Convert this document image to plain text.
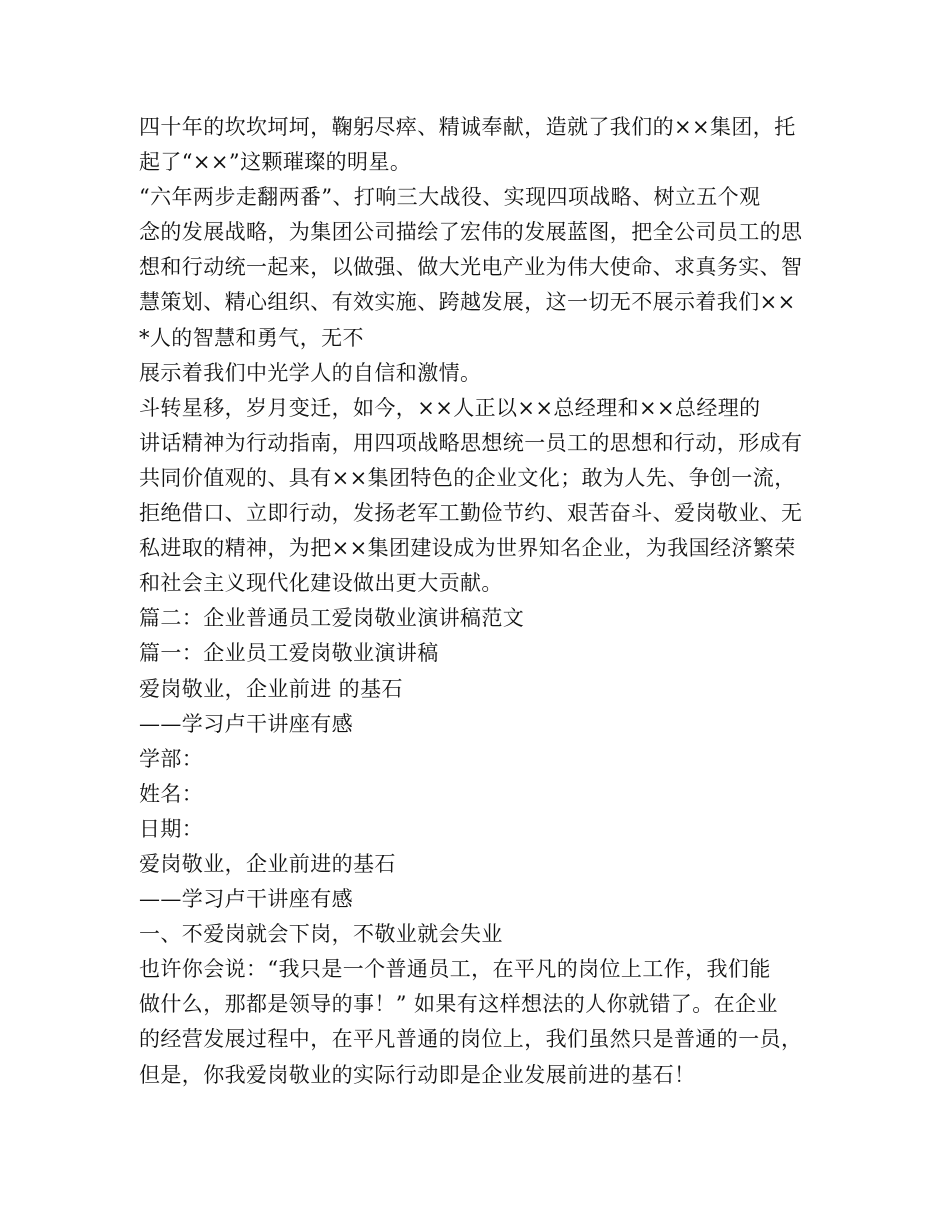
四十年的坎坎坷坷，鞠躬尽瘁、精诚奉献，造就了我们的××集团，托
起了“××”这颗璀璨的明星。
“六年两步走翻两番”、打响三大战役、实现四项战略、树立五个观
念的发展战略，为集团公司描绘了宏伟的发展蓝图，把全公司员工的思
想和行动统一起来，以做强、做大光电产业为伟大使命、求真务实、智
慧策划、精心组织、有效实施、跨越发展，这一切无不展示着我们××
*人的智慧和勇气，无不
展示着我们中光学人的自信和激情。
斗转星移，岁月变迁，如今，××人正以××总经理和××总经理的
讲话精神为行动指南，用四项战略思想统一员工的思想和行动，形成有
共同价值观的、具有××集团特色的企业文化；敢为人先、争创一流，
拒绝借口、立即行动，发扬老军工勤俭节约、艰苦奋斗、爱岗敬业、无
私进取的精神，为把××集团建设成为世界知名企业，为我国经济繁荣
和社会主义现代化建设做出更大贡献。
篇二：企业普通员工爱岗敬业演讲稿范文
篇一：企业员工爱岗敬业演讲稿
爱岗敬业，企业前进 的基石
——学习卢干讲座有感
学部：
姓名：
日期：
爱岗敬业，企业前进的基石
——学习卢干讲座有感
一、不爱岗就会下岗，不敬业就会失业
也许你会说：“我只是一个普通员工，在平凡的岗位上工作，我们能
做什么，那都是领导的事！” 如果有这样想法的人你就错了。在企业
的经营发展过程中，在平凡普通的岗位上，我们虽然只是普通的一员，
但是，你我爱岗敬业的实际行动即是企业发展前进的基石！
